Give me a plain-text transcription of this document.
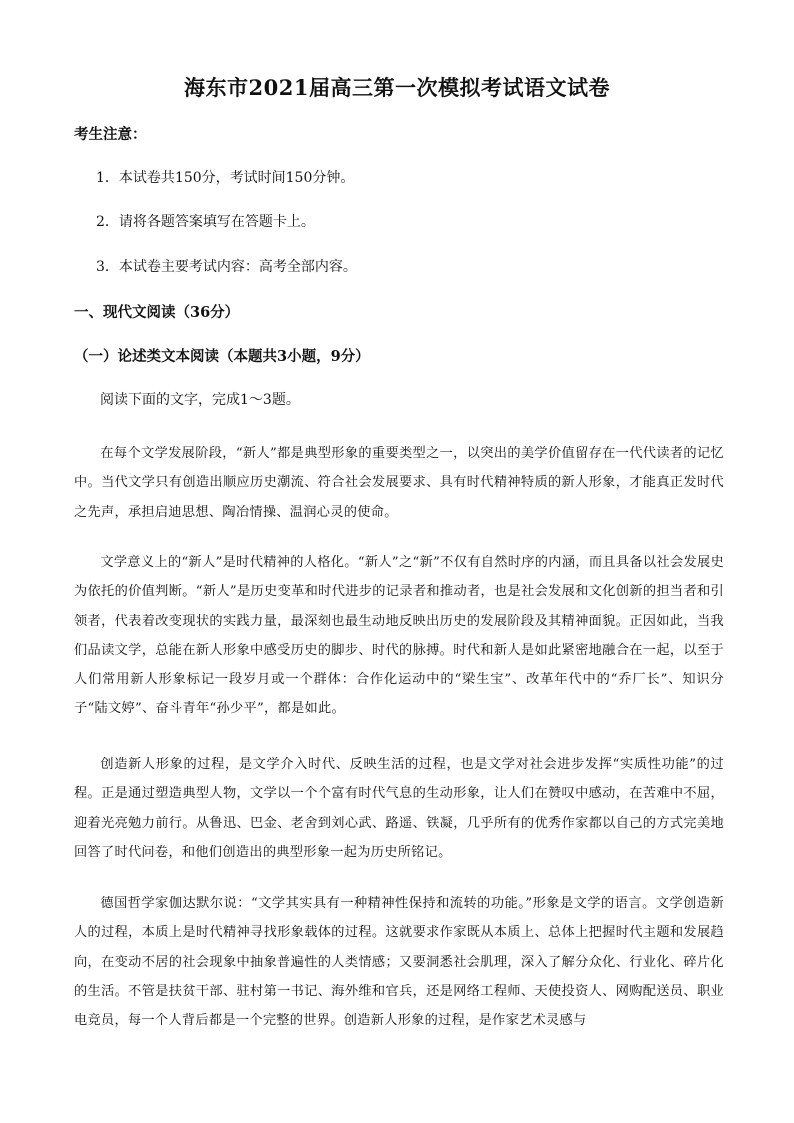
海东市2021届高三第一次模拟考试语文试卷
考生注意：
1．本试卷共150分，考试时间150分钟。
2．请将各题答案填写在答题卡上。
3．本试卷主要考试内容：高考全部内容。
一、现代文阅读（36分）
（一）论述类文本阅读（本题共3小题，9分）
阅读下面的文字，完成1～3题。

在每个文学发展阶段，“新人”都是典型形象的重要类型之一，以突出的美学价值留存在一代代读者的记忆中。当代文学只有创造出顺应历史潮流、符合社会发展要求、具有时代精神特质的新人形象，才能真正发时代之先声，承担启迪思想、陶冶情操、温润心灵的使命。

文学意义上的“新人”是时代精神的人格化。“新人”之“新”不仅有自然时序的内涵，而且具备以社会发展史为依托的价值判断。“新人”是历史变革和时代进步的记录者和推动者，也是社会发展和文化创新的担当者和引领者，代表着改变现状的实践力量，最深刻也最生动地反映出历史的发展阶段及其精神面貌。正因如此，当我们品读文学，总能在新人形象中感受历史的脚步、时代的脉搏。时代和新人是如此紧密地融合在一起，以至于人们常用新人形象标记一段岁月或一个群体：合作化运动中的“梁生宝”、改革年代中的“乔厂长”、知识分子“陆文婷”、奋斗青年“孙少平”，都是如此。

创造新人形象的过程，是文学介入时代、反映生活的过程，也是文学对社会进步发挥“实质性功能”的过程。正是通过塑造典型人物，文学以一个个富有时代气息的生动形象，让人们在赞叹中感动，在苦难中不屈，迎着光亮勉力前行。从鲁迅、巴金、老舍到刘心武、路遥、铁凝，几乎所有的优秀作家都以自己的方式完美地回答了时代问卷，和他们创造出的典型形象一起为历史所铭记。

德国哲学家伽达默尔说：“文学其实具有一种精神性保持和流转的功能。”形象是文学的语言。文学创造新人的过程，本质上是时代精神寻找形象载体的过程。这就要求作家既从本质上、总体上把握时代主题和发展趋向，在变动不居的社会现象中抽象普遍性的人类情感；又要洞悉社会肌理，深入了解分众化、行业化、碎片化的生活。不管是扶贫干部、驻村第一书记、海外维和官兵，还是网络工程师、天使投资人、网购配送员、职业电竞员，每一个人背后都是一个完整的世界。创造新人形象的过程，是作家艺术灵感与
